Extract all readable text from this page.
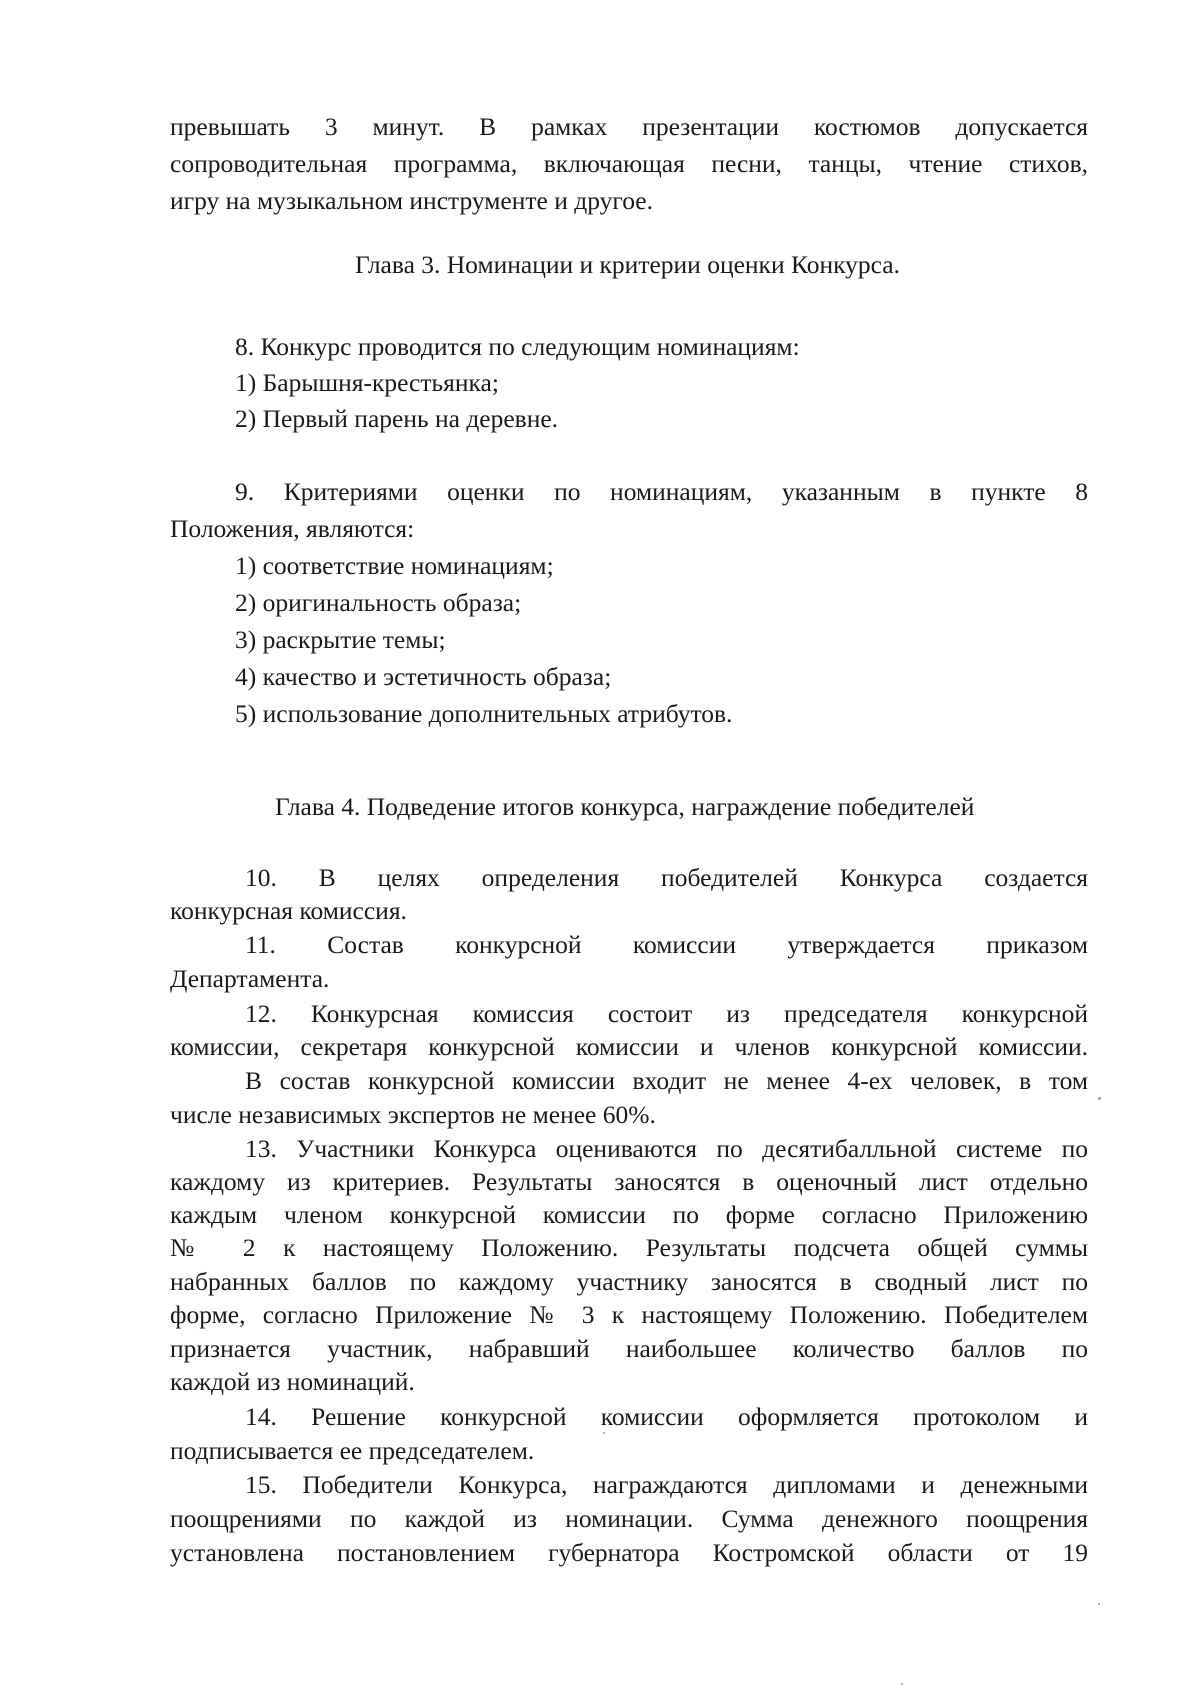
превышать 3 минут. В рамках презентации костюмов допускается
сопроводительная программа, включающая песни, танцы, чтение стихов,
игру на музыкальном инструменте и другое.
Глава 3. Номинации и критерии оценки Конкурса.
8. Конкурс проводится по следующим номинациям:
1) Барышня-крестьянка;
2) Первый парень на деревне.
9. Критериями оценки по номинациям, указанным в пункте 8
Положения, являются:
1) соответствие номинациям;
2) оригинальность образа;
3) раскрытие темы;
4) качество и эстетичность образа;
5) использование дополнительных атрибутов.
Глава 4. Подведение итогов конкурса, награждение победителей
10. В целях определения победителей Конкурса создается
конкурсная комиссия.
11. Состав конкурсной комиссии утверждается приказом
Департамента.
12. Конкурсная комиссия состоит из председателя конкурсной
комиссии, секретаря конкурсной комиссии и членов конкурсной комиссии.
В состав конкурсной комиссии входит не менее 4-ех человек, в том
числе независимых экспертов не менее 60%.
13. Участники Конкурса оцениваются по десятибалльной системе по
каждому из критериев. Результаты заносятся в оценочный лист отдельно
каждым членом конкурсной комиссии по форме согласно Приложению
№ 2 к настоящему Положению. Результаты подсчета общей суммы
набранных баллов по каждому участнику заносятся в сводный лист по
форме, согласно Приложение № 3 к настоящему Положению. Победителем
признается участник, набравший наибольшее количество баллов по
каждой из номинаций.
14. Решение конкурсной комиссии оформляется протоколом и
подписывается ее председателем.
15. Победители Конкурса, награждаются дипломами и денежными
поощрениями по каждой из номинации. Сумма денежного поощрения
установлена постановлением губернатора Костромской области от 19
